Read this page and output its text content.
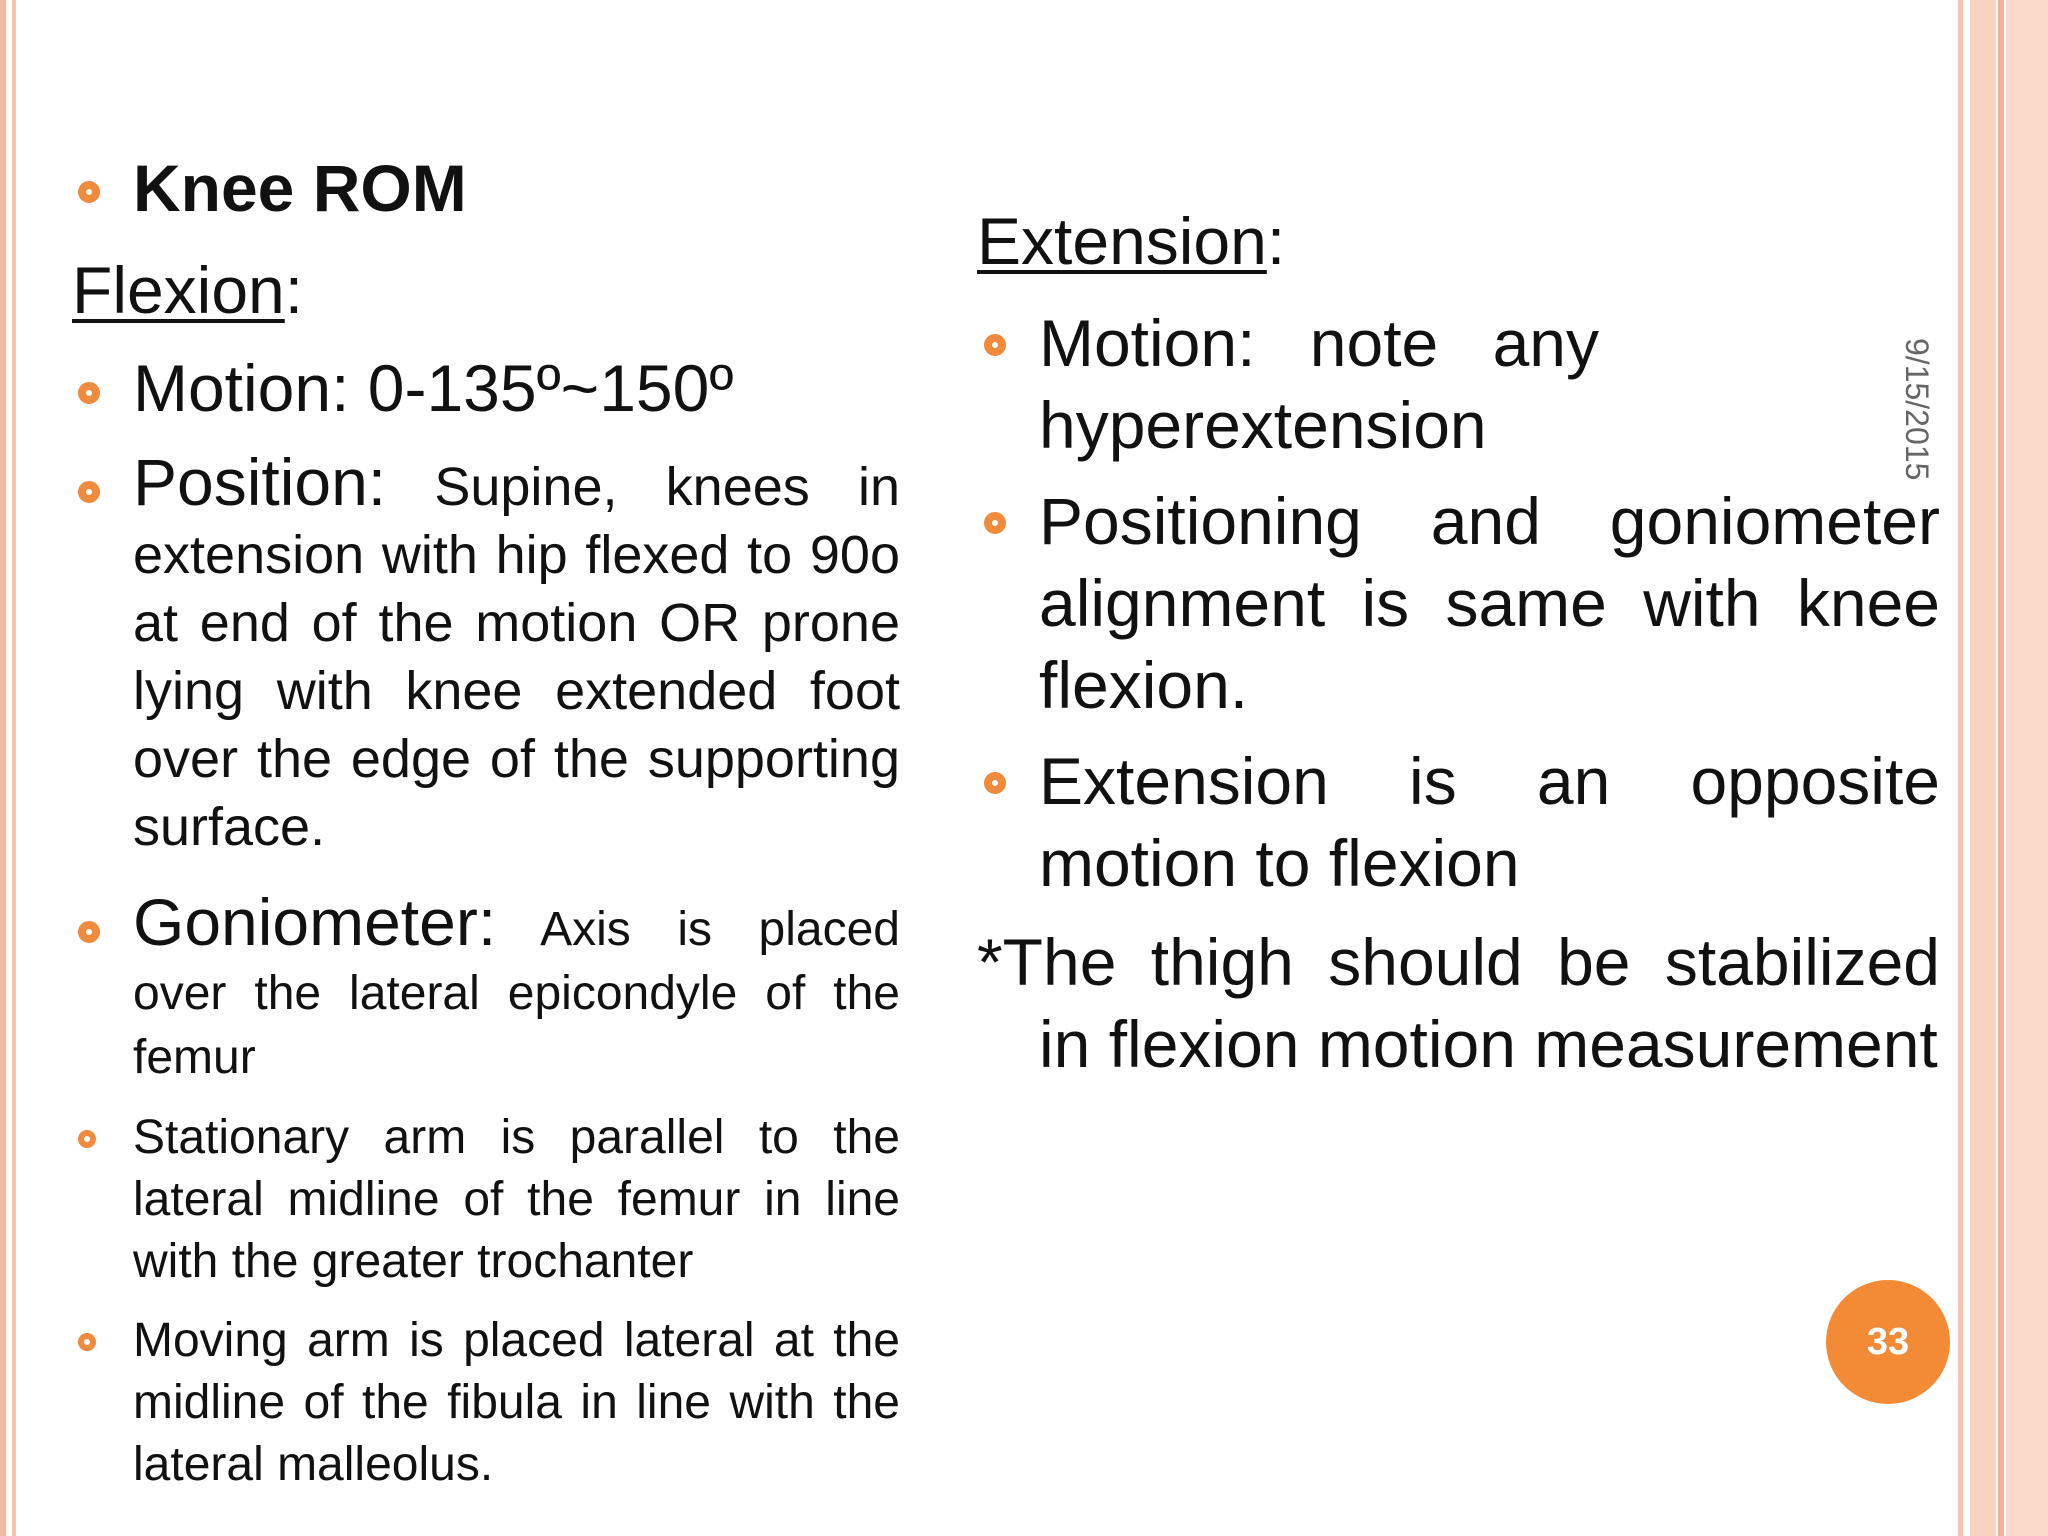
Knee ROM
Flexion:
Motion: 0-135º~150º
Position: Supine, knees in extension with hip flexed to 90o at end of the motion OR prone lying with knee extended foot over the edge of the supporting surface.
Goniometer: Axis is placed over the lateral epicondyle of the femur
Stationary arm is parallel to the lateral midline of the femur in line with the greater trochanter
Moving arm is placed lateral at the midline of the fibula in line with the lateral malleolus.
Extension:
Motion: note any hyperextension
Positioning and goniometer alignment is same with knee flexion.
Extension is an opposite motion to flexion
*The thigh should be stabilized in flexion motion measurement
9/15/2015
33
